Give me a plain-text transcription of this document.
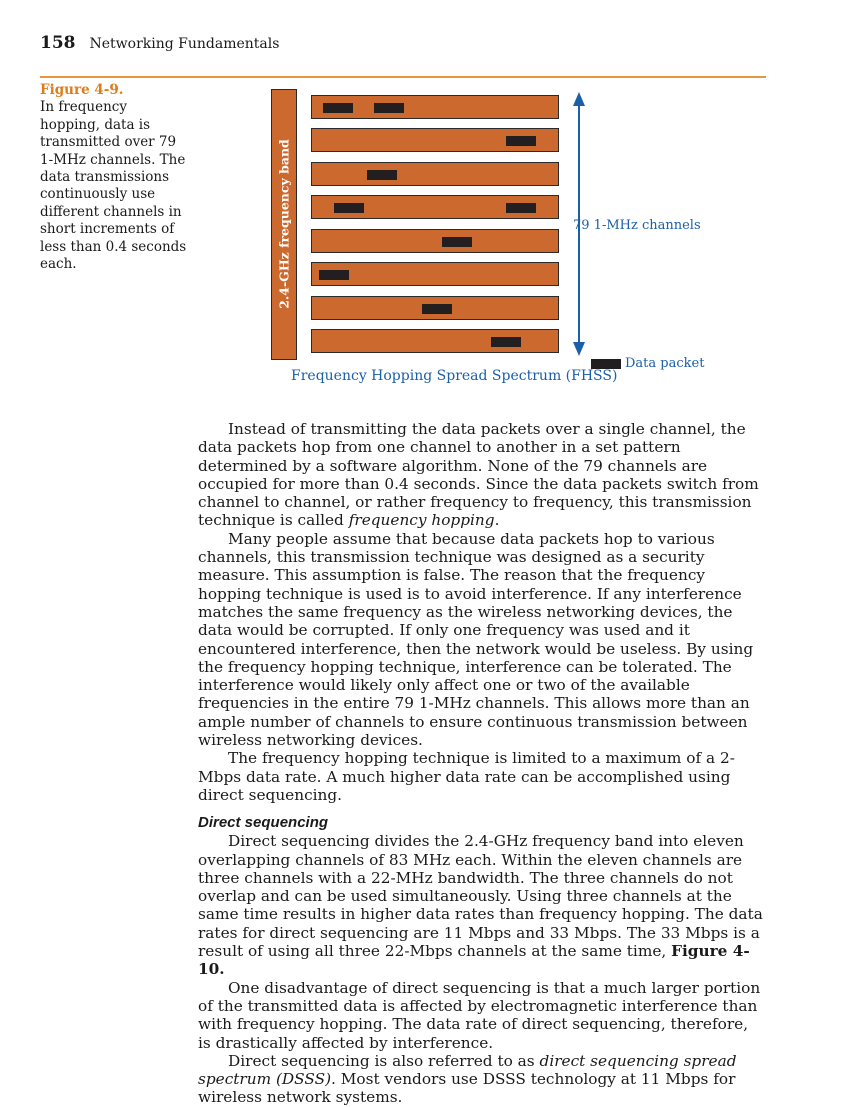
158 Networking Fundamentals
Figure 4-9.
In frequency hopping, data is transmitted over 79 1-MHz channels. The data transmissions continuously use different channels in short increments of less than 0.4 seconds each.	2.4-GHz frequency band	79 1-MHz channels
Data packet
Frequency Hopping Spread Spectrum (FHSS)

Instead of transmitting the data packets over a single channel, the data packets hop from one channel to another in a set pattern determined by a software algorithm. None of the 79 channels are occupied for more than 0.4 seconds. Since the data packets switch from channel to channel, or rather frequency to frequency, this transmission technique is called frequency hopping.

Many people assume that because data packets hop to various channels, this transmission technique was designed as a security measure. This assumption is false. The reason that the frequency hopping technique is used is to avoid interference. If any interference matches the same frequency as the wireless networking devices, the data would be corrupted. If only one frequency was used and it encountered interference, then the network would be useless. By using the frequency hopping technique, interference can be tolerated. The interference would likely only affect one or two of the available frequencies in the entire 79 1-MHz channels. This allows more than an ample number of channels to ensure continuous transmission between wireless networking devices.

The frequency hopping technique is limited to a maximum of a 2-Mbps data rate. A much higher data rate can be accomplished using direct sequencing.

Direct sequencing

Direct sequencing divides the 2.4-GHz frequency band into eleven overlapping channels of 83 MHz each. Within the eleven channels are three channels with a 22-MHz bandwidth. The three channels do not overlap and can be used simultaneously. Using three channels at the same time results in higher data rates than frequency hopping. The data rates for direct sequencing are 11 Mbps and 33 Mbps. The 33 Mbps is a result of using all three 22-Mbps channels at the same time, Figure 4-10.

One disadvantage of direct sequencing is that a much larger portion of the transmitted data is affected by electromagnetic interference than with frequency hopping. The data rate of direct sequencing, therefore, is drastically affected by interference.

Direct sequencing is also referred to as direct sequencing spread spectrum (DSSS). Most vendors use DSSS technology at 11 Mbps for wireless network systems.
